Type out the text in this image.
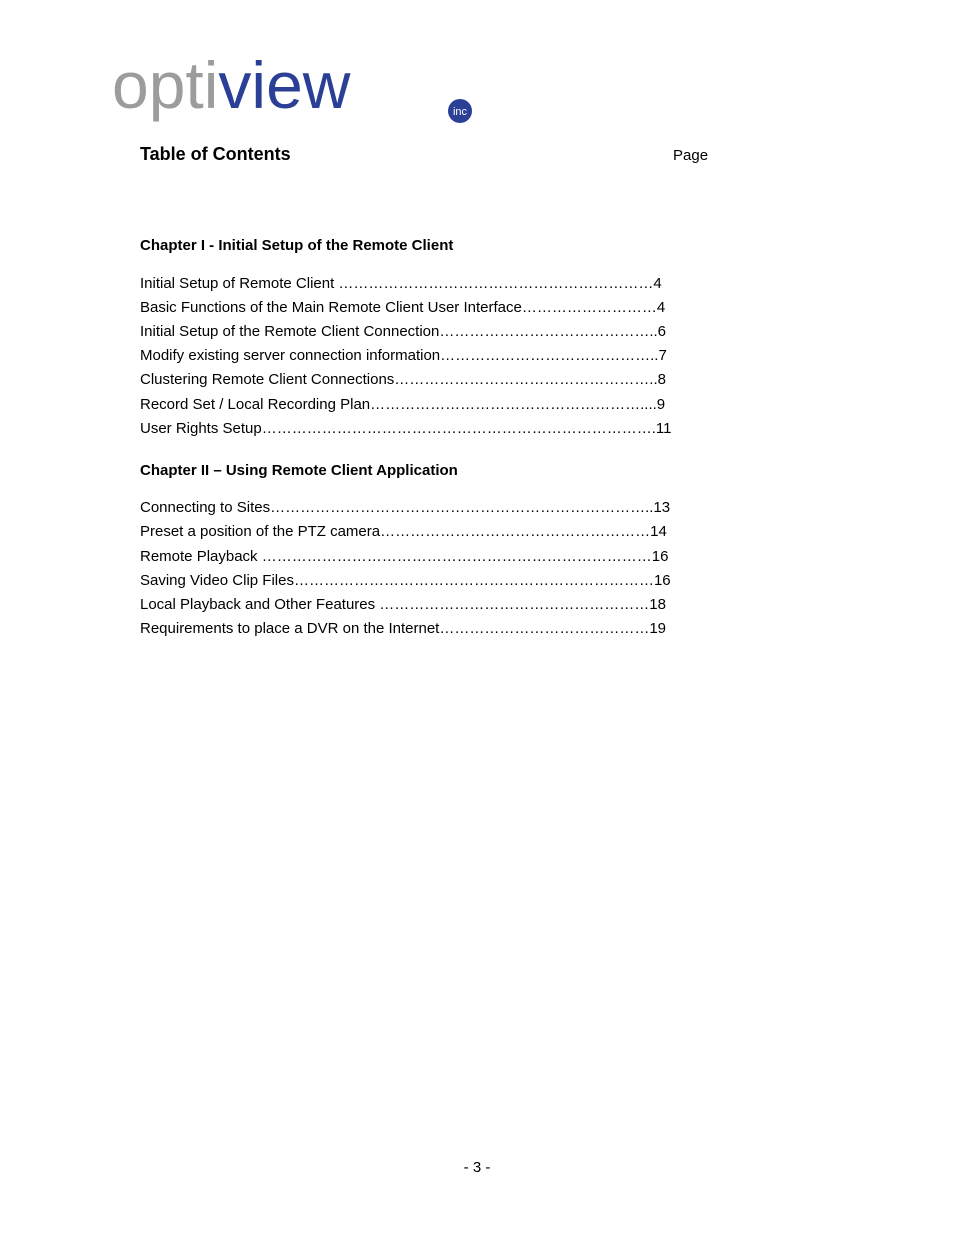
optiview	inc
Table of Contents	Page
Chapter I - Initial Setup of the Remote Client
Initial Setup of Remote Client ………………………………………………………4
Basic Functions of the Main Remote Client User Interface………………………4
Initial Setup of the Remote Client Connection……………………………………..6
Modify existing server connection information……………………………………..7
Clustering Remote Client Connections……………………………………………..8
Record Set / Local Recording Plan………………………………………………....9
User Rights Setup…………………………………………………………………….11
Chapter II – Using Remote Client Application
Connecting to Sites…………………………………………………………………..13
Preset a position of the PTZ camera………………………………………………14
Remote Playback ……………………………………………………………………16
Saving Video Clip Files………………………………………………………………16
Local Playback and Other Features ………………………………………………18
Requirements to place a DVR on the Internet……………………………………19
- 3 -
